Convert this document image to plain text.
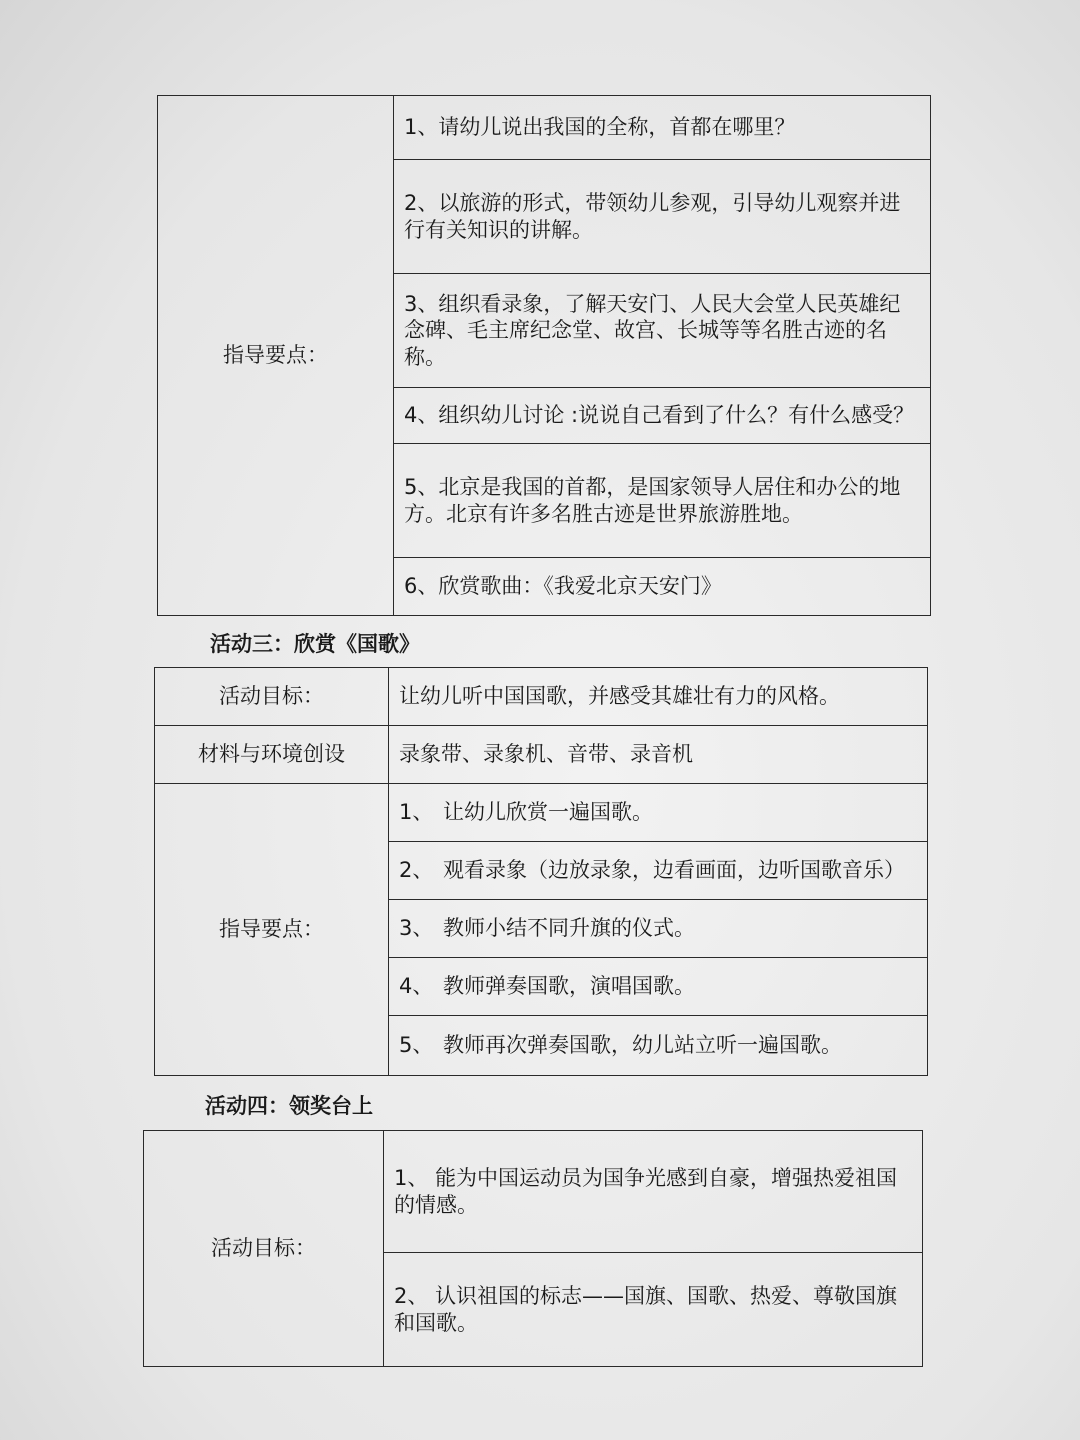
指导要点：	1、请幼儿说出我国的全称，首都在哪里？
2、以旅游的形式，带领幼儿参观，引导幼儿观察并进行有关知识的讲解。
3、组织看录象，了解天安门、人民大会堂人民英雄纪念碑、毛主席纪念堂、故宫、长城等等名胜古迹的名称。
4、组织幼儿讨论 :说说自己看到了什么？有什么感受？
5、北京是我国的首都，是国家领导人居住和办公的地方。北京有许多名胜古迹是世界旅游胜地。
6、欣赏歌曲：《我爱北京天安门》
活动三：欣赏《国歌》
活动目标：	让幼儿听中国国歌，并感受其雄壮有力的风格。
材料与环境创设	录象带、录象机、音带、录音机
指导要点：	1、 让幼儿欣赏一遍国歌。
	2、 观看录象（边放录象，边看画面，边听国歌音乐）
	3、 教师小结不同升旗的仪式。
	4、 教师弹奏国歌，演唱国歌。
	5、 教师再次弹奏国歌，幼儿站立听一遍国歌。
活动四：领奖台上
活动目标：	1、 能为中国运动员为国争光感到自豪，增强热爱祖国的情感。
2、 认识祖国的标志——国旗、国歌、热爱、尊敬国旗和国歌。
